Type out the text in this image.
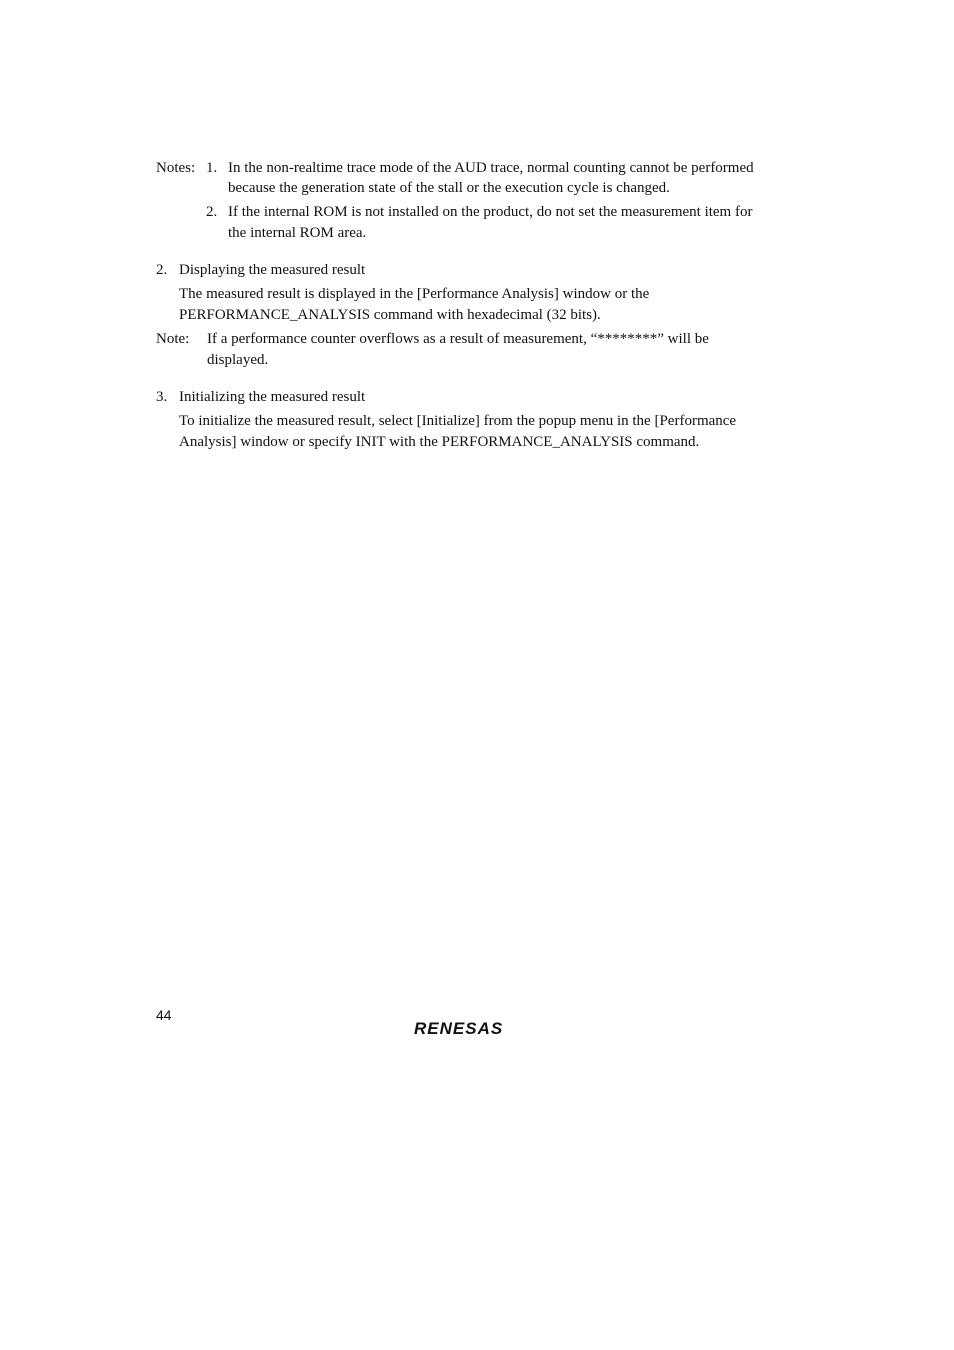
Notes: 1. In the non-realtime trace mode of the AUD trace, normal counting cannot be performed
because the generation state of the stall or the execution cycle is changed.
2. If the internal ROM is not installed on the product, do not set the measurement item for
the internal ROM area.
2. Displaying the measured result
The measured result is displayed in the [Performance Analysis] window or the
PERFORMANCE_ANALYSIS command with hexadecimal (32 bits).
Note: If a performance counter overflows as a result of measurement, “********” will be
displayed.
3. Initializing the measured result
To initialize the measured result, select [Initialize] from the popup menu in the [Performance
Analysis] window or specify INIT with the PERFORMANCE_ANALYSIS command.
44
RENESAS
